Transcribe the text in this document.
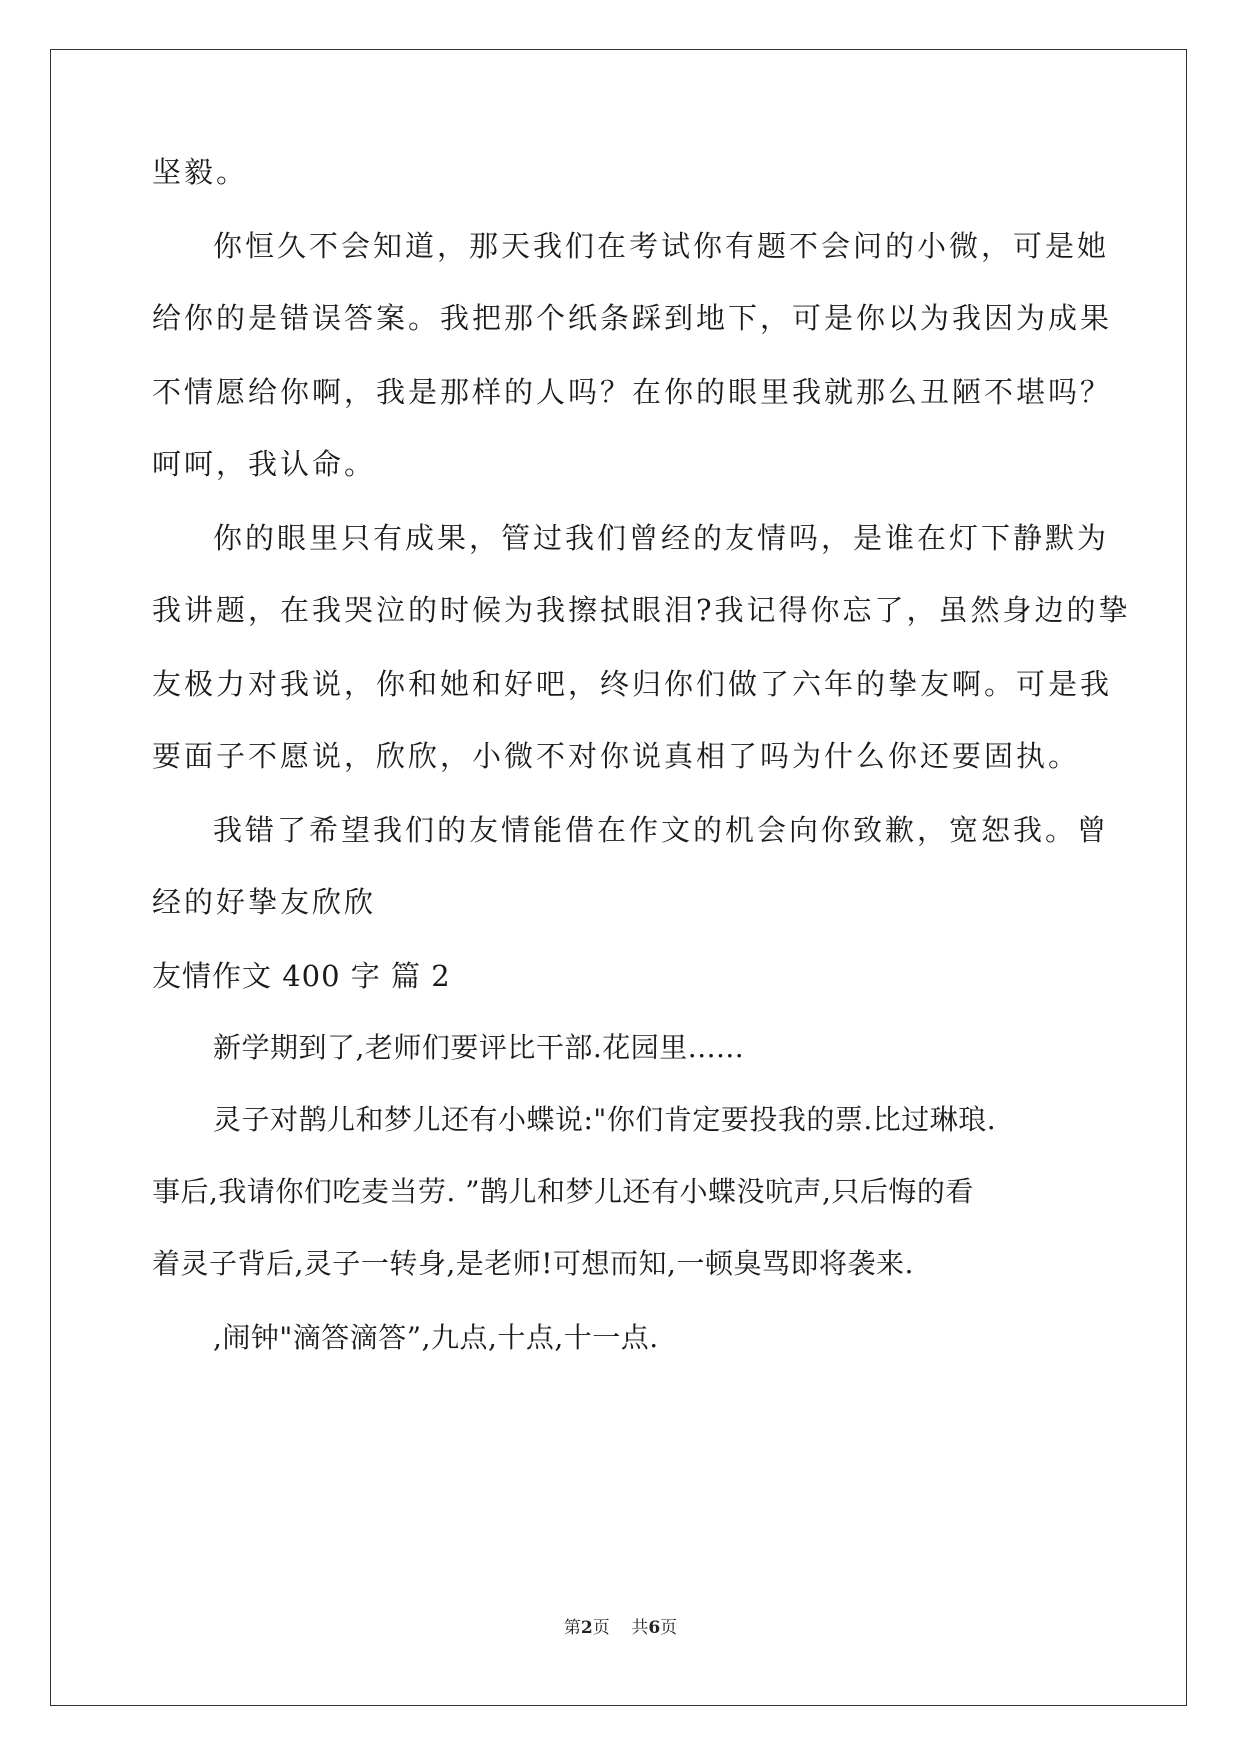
坚毅。
你恒久不会知道，那天我们在考试你有题不会问的小微，可是她
给你的是错误答案。我把那个纸条踩到地下，可是你以为我因为成果
不情愿给你啊，我是那样的人吗？在你的眼里我就那么丑陋不堪吗？
呵呵，我认命。
你的眼里只有成果，管过我们曾经的友情吗，是谁在灯下静默为
我讲题，在我哭泣的时候为我擦拭眼泪?我记得你忘了，虽然身边的挚
友极力对我说，你和她和好吧，终归你们做了六年的挚友啊。可是我
要面子不愿说，欣欣，小微不对你说真相了吗为什么你还要固执。
我错了希望我们的友情能借在作文的机会向你致歉，宽恕我。曾
经的好挚友欣欣
友情作文 400 字 篇 2
新学期到了,老师们要评比干部.花园里......
灵子对鹊儿和梦儿还有小蝶说:"你们肯定要投我的票.比过琳琅.
事后,我请你们吃麦当劳. ”鹊儿和梦儿还有小蝶没吭声,只后悔的看
着灵子背后,灵子一转身,是老师!可想而知,一顿臭骂即将袭来.
,闹钟"滴答滴答”,九点,十点,十一点.
第2页 共6页
